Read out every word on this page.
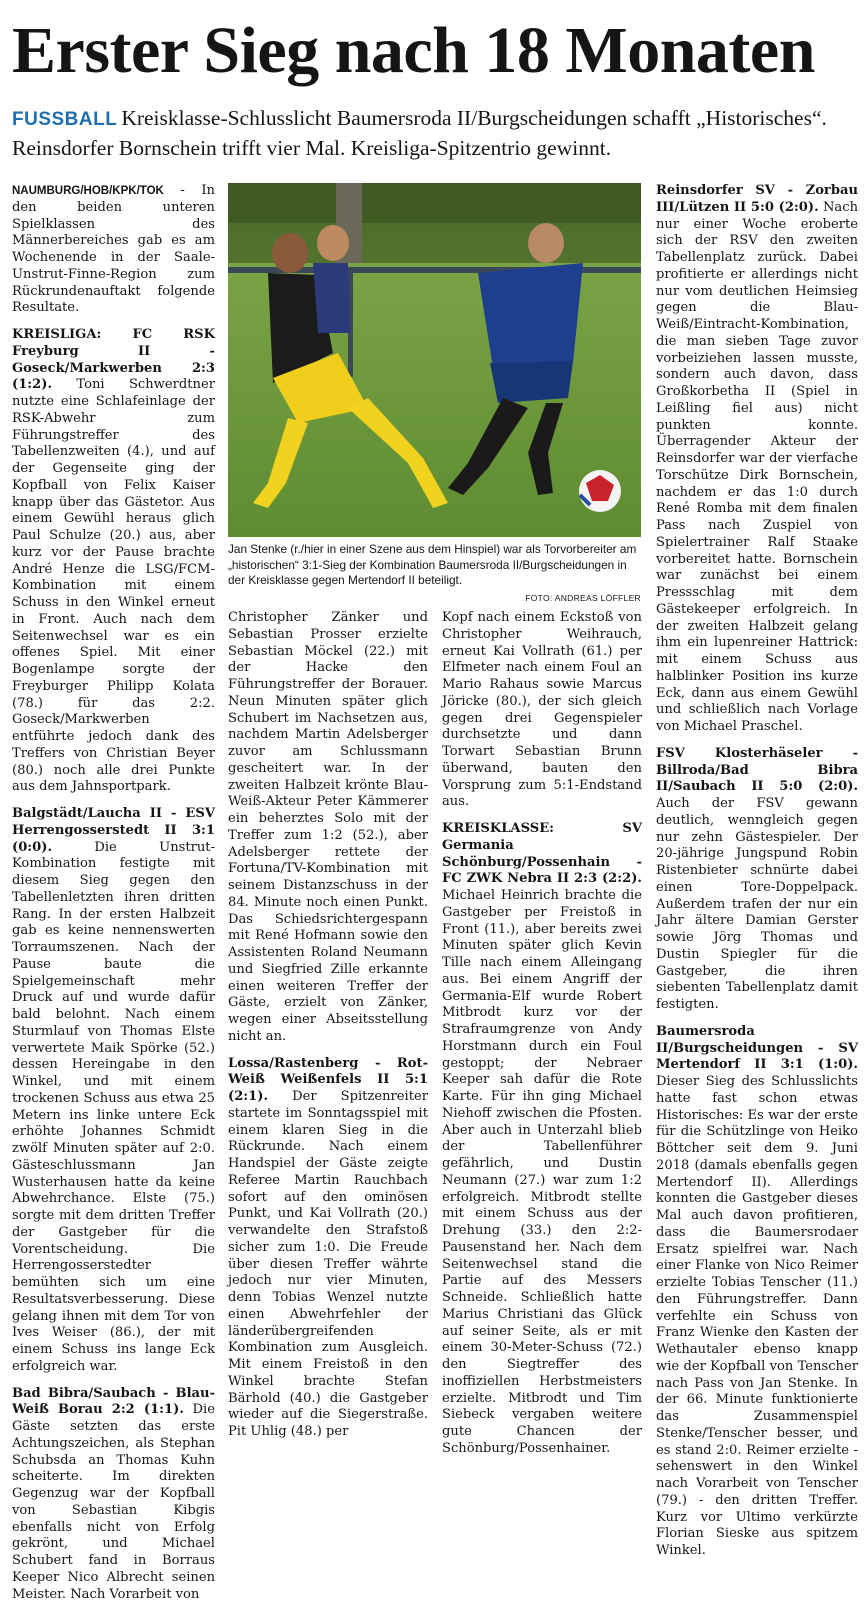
Erster Sieg nach 18 Monaten

FUSSBALL Kreisklasse-Schlusslicht Baumersroda II/Burgscheidungen schafft „Historisches“. Reinsdorfer Bornschein trifft vier Mal. Kreisliga-Spitzentrio gewinnt.

NAUMBURG/HOB/KPK/TOK - In den beiden unteren Spielklassen des Männerbereiches gab es am Wochenende in der Saale-Unstrut-Finne-Region zum Rückrundenauftakt folgende Resultate.

KREISLIGA: FC RSK Freyburg II - Goseck/Markwerben 2:3 (1:2). Toni Schwerdtner nutzte eine Schlafeinlage der RSK-Abwehr zum Führungstreffer des Tabellenzweiten (4.), und auf der Gegenseite ging der Kopfball von Felix Kaiser knapp über das Gästetor. Aus einem Gewühl heraus glich Paul Schulze (20.) aus, aber kurz vor der Pause brachte André Henze die LSG/FCM-Kombination mit einem Schuss in den Winkel erneut in Front. Auch nach dem Seitenwechsel war es ein offenes Spiel. Mit einer Bogenlampe sorgte der Freyburger Philipp Kolata (78.) für das 2:2. Goseck/Markwerben entführte jedoch dank des Treffers von Christian Beyer (80.) noch alle drei Punkte aus dem Jahnsportpark.

Balgstädt/Laucha II - ESV Herrengosserstedt II 3:1 (0:0). Die Unstrut-Kombination festigte mit diesem Sieg gegen den Tabellenletzten ihren dritten Rang. In der ersten Halbzeit gab es keine nennenswerten Torraumszenen. Nach der Pause baute die Spielgemeinschaft mehr Druck auf und wurde dafür bald belohnt. Nach einem Sturmlauf von Thomas Elste verwertete Maik Spörke (52.) dessen Hereingabe in den Winkel, und mit einem trockenen Schuss aus etwa 25 Metern ins linke untere Eck erhöhte Johannes Schmidt zwölf Minuten später auf 2:0. Gästeschlussmann Jan Wusterhausen hatte da keine Abwehrchance. Elste (75.) sorgte mit dem dritten Treffer der Gastgeber für die Vorentscheidung. Die Herrengosserstedter bemühten sich um eine Resultatsverbesserung. Diese gelang ihnen mit dem Tor von Ives Weiser (86.), der mit einem Schuss ins lange Eck erfolgreich war.

Bad Bibra/Saubach - Blau-Weiß Borau 2:2 (1:1). Die Gäste setzten das erste Achtungszeichen, als Stephan Schubsda an Thomas Kuhn scheiterte. Im direkten Gegenzug war der Kopfball von Sebastian Kibgis ebenfalls nicht von Erfolg gekrönt, und Michael Schubert fand in Borraus Keeper Nico Albrecht seinen Meister. Nach Vorarbeit von

Jan Stenke (r./hier in einer Szene aus dem Hinspiel) war als Torvorbereiter am „historischen“ 3:1-Sieg der Kombination Baumersroda II/Burgscheidungen in der Kreisklasse gegen Mertendorf II beteiligt.

FOTO: ANDREAS LÖFFLER

Christopher Zänker und Sebastian Prosser erzielte Sebastian Möckel (22.) mit der Hacke den Führungstreffer der Borauer. Neun Minuten später glich Schubert im Nachsetzen aus, nachdem Martin Adelsberger zuvor am Schlussmann gescheitert war. In der zweiten Halbzeit krönte Blau-Weiß-Akteur Peter Kämmerer ein beherztes Solo mit der Treffer zum 1:2 (52.), aber Adelsberger rettete der Fortuna/TV-Kombination mit seinem Distanzschuss in der 84. Minute noch einen Punkt. Das Schiedsrichtergespann mit René Hofmann sowie den Assistenten Roland Neumann und Siegfried Zille erkannte einen weiteren Treffer der Gäste, erzielt von Zänker, wegen einer Abseitsstellung nicht an.

Lossa/Rastenberg - Rot-Weiß Weißenfels II 5:1 (2:1). Der Spitzenreiter startete im Sonntagsspiel mit einem klaren Sieg in die Rückrunde. Nach einem Handspiel der Gäste zeigte Referee Martin Rauchbach sofort auf den ominösen Punkt, und Kai Vollrath (20.) verwandelte den Strafstoß sicher zum 1:0. Die Freude über diesen Treffer währte jedoch nur vier Minuten, denn Tobias Wenzel nutzte einen Abwehrfehler der länderübergreifenden Kombination zum Ausgleich. Mit einem Freistoß in den Winkel brachte Stefan Bärhold (40.) die Gastgeber wieder auf die Siegerstraße. Pit Uhlig (48.) per

Kopf nach einem Eckstoß von Christopher Weihrauch, erneut Kai Vollrath (61.) per Elfmeter nach einem Foul an Mario Rahaus sowie Marcus Jöricke (80.), der sich gleich gegen drei Gegenspieler durchsetzte und dann Torwart Sebastian Brunn überwand, bauten den Vorsprung zum 5:1-Endstand aus.

KREISKLASSE: SV Germania Schönburg/Possenhain - FC ZWK Nebra II 2:3 (2:2). Michael Heinrich brachte die Gastgeber per Freistoß in Front (11.), aber bereits zwei Minuten später glich Kevin Tille nach einem Alleingang aus. Bei einem Angriff der Germania-Elf wurde Robert Mitbrodt kurz vor der Strafraumgrenze von Andy Horstmann durch ein Foul gestoppt; der Nebraer Keeper sah dafür die Rote Karte. Für ihn ging Michael Niehoff zwischen die Pfosten. Aber auch in Unterzahl blieb der Tabellenführer gefährlich, und Dustin Neumann (27.) war zum 1:2 erfolgreich. Mitbrodt stellte mit einem Schuss aus der Drehung (33.) den 2:2-Pausenstand her. Nach dem Seitenwechsel stand die Partie auf des Messers Schneide. Schließlich hatte Marius Christiani das Glück auf seiner Seite, als er mit einem 30-Meter-Schuss (72.) den Siegtreffer des inoffiziellen Herbstmeisters erzielte. Mitbrodt und Tim Siebeck vergaben weitere gute Chancen der Schönburg/Possenhainer.

Reinsdorfer SV - Zorbau III/Lützen II 5:0 (2:0). Nach nur einer Woche eroberte sich der RSV den zweiten Tabellenplatz zurück. Dabei profitierte er allerdings nicht nur vom deutlichen Heimsieg gegen die Blau-Weiß/Eintracht-Kombination, die man sieben Tage zuvor vorbeiziehen lassen musste, sondern auch davon, dass Großkorbetha II (Spiel in Leißling fiel aus) nicht punkten konnte. Überragender Akteur der Reinsdorfer war der vierfache Torschütze Dirk Bornschein, nachdem er das 1:0 durch René Romba mit dem finalen Pass nach Zuspiel von Spielertrainer Ralf Staake vorbereitet hatte. Bornschein war zunächst bei einem Pressschlag mit dem Gästekeeper erfolgreich. In der zweiten Halbzeit gelang ihm ein lupenreiner Hattrick: mit einem Schuss aus halblinker Position ins kurze Eck, dann aus einem Gewühl und schließlich nach Vorlage von Michael Praschel.

FSV Klosterhäseler - Billroda/Bad Bibra II/Saubach II 5:0 (2:0). Auch der FSV gewann deutlich, wenngleich gegen nur zehn Gästespieler. Der 20-jährige Jungspund Robin Ristenbieter schnürte dabei einen Tore-Doppelpack. Außerdem trafen der nur ein Jahr ältere Damian Gerster sowie Jörg Thomas und Dustin Spiegler für die Gastgeber, die ihren siebenten Tabellenplatz damit festigten.

Baumersroda II/Burgscheidungen - SV Mertendorf II 3:1 (1:0). Dieser Sieg des Schlusslichts hatte fast schon etwas Historisches: Es war der erste für die Schützlinge von Heiko Böttcher seit dem 9. Juni 2018 (damals ebenfalls gegen Mertendorf II). Allerdings konnten die Gastgeber dieses Mal auch davon profitieren, dass die Baumersrodaer Ersatz spielfrei war. Nach einer Flanke von Nico Reimer erzielte Tobias Tenscher (11.) den Führungstreffer. Dann verfehlte ein Schuss von Franz Wienke den Kasten der Wethautaler ebenso knapp wie der Kopfball von Tenscher nach Pass von Jan Stenke. In der 66. Minute funktionierte das Zusammenspiel Stenke/Tenscher besser, und es stand 2:0. Reimer erzielte - sehenswert in den Winkel nach Vorarbeit von Tenscher (79.) - den dritten Treffer. Kurz vor Ultimo verkürzte Florian Sieske aus spitzem Winkel.
